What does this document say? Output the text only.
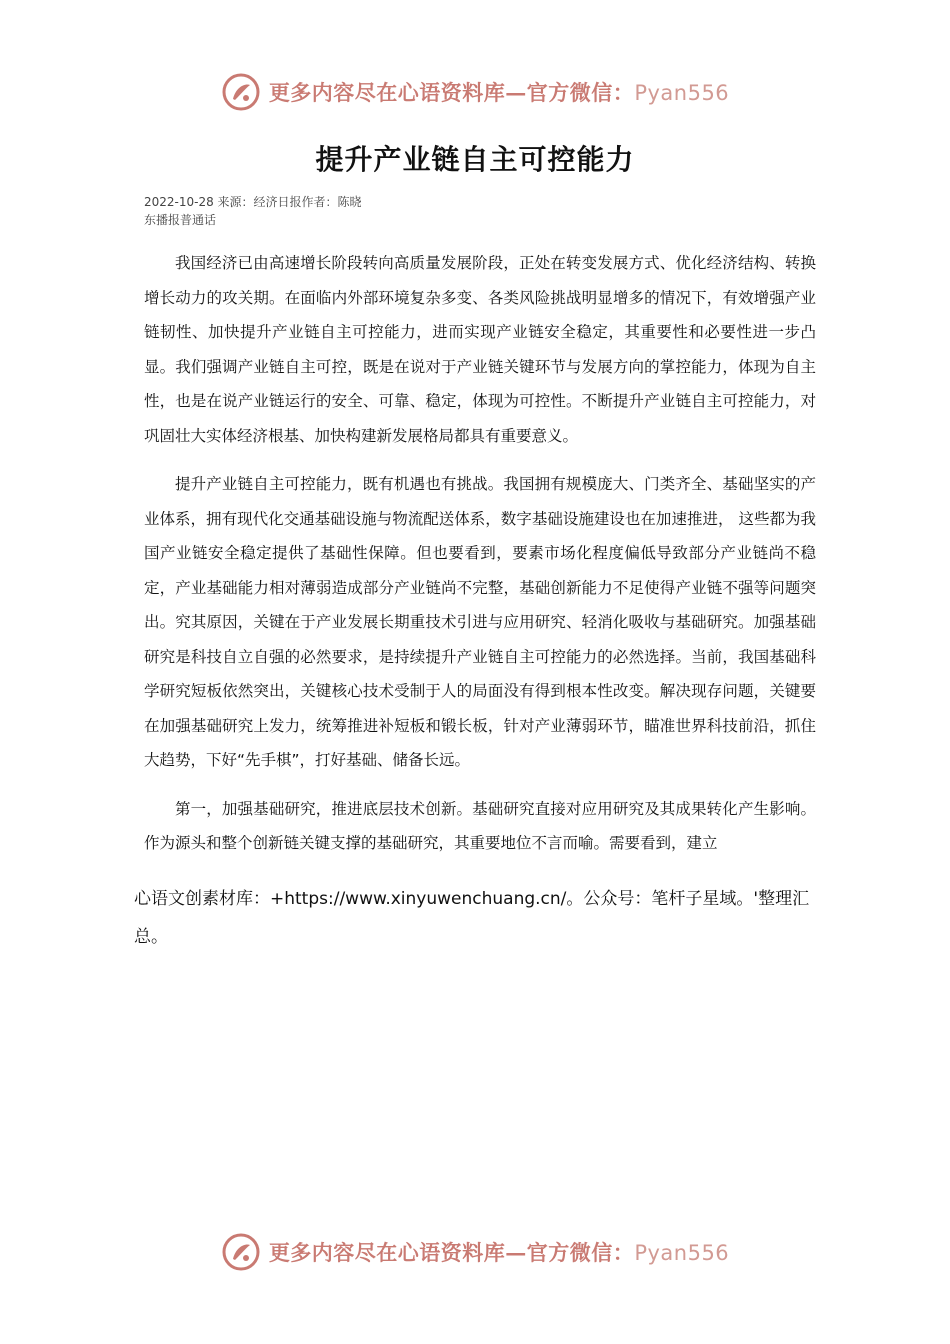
更多内容尽在心语资料库—官方微信：Pyan556
提升产业链自主可控能力
2022-10-28 来源：经济日报作者：陈晓
东播报普通话

我国经济已由高速增长阶段转向高质量发展阶段，正处在转变发展方式、优化经济结构、转换增长动力的攻关期。在面临内外部环境复杂多变、各类风险挑战明显增多的情况下，有效增强产业链韧性、加快提升产业链自主可控能力，进而实现产业链安全稳定，其重要性和必要性进一步凸显。我们强调产业链自主可控，既是在说对于产业链关键环节与发展方向的掌控能力，体现为自主性，也是在说产业链运行的安全、可靠、稳定，体现为可控性。不断提升产业链自主可控能力，对巩固壮大实体经济根基、加快构建新发展格局都具有重要意义。

提升产业链自主可控能力，既有机遇也有挑战。我国拥有规模庞大、门类齐全、基础坚实的产业体系，拥有现代化交通基础设施与物流配送体系，数字基础设施建设也在加速推进， 这些都为我国产业链安全稳定提供了基础性保障。但也要看到，要素市场化程度偏低导致部分产业链尚不稳定，产业基础能力相对薄弱造成部分产业链尚不完整，基础创新能力不足使得产业链不强等问题突出。究其原因，关键在于产业发展长期重技术引进与应用研究、轻消化吸收与基础研究。加强基础研究是科技自立自强的必然要求，是持续提升产业链自主可控能力的必然选择。当前，我国基础科学研究短板依然突出，关键核心技术受制于人的局面没有得到根本性改变。解决现存问题，关键要在加强基础研究上发力，统筹推进补短板和锻长板，针对产业薄弱环节，瞄准世界科技前沿，抓住大趋势，下好“先手棋”，打好基础、储备长远。

第一，加强基础研究，推进底层技术创新。基础研究直接对应用研究及其成果转化产生影响。作为源头和整个创新链关键支撑的基础研究，其重要地位不言而喻。需要看到，建立

心语文创素材库：+https://www.xinyuwenchuang.cn/。公众号：笔杆子星域。'整理汇总。
更多内容尽在心语资料库—官方微信：Pyan556
